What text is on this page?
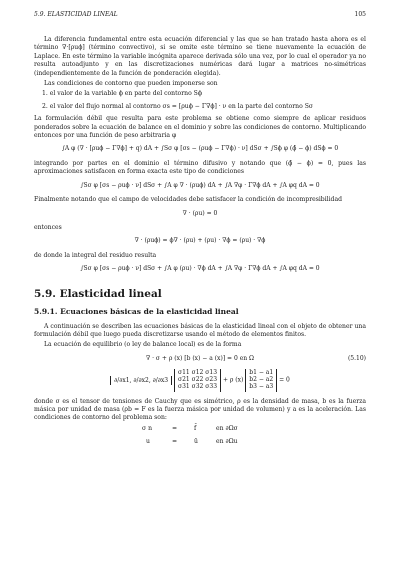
5.9. ELASTICIDAD LINEAL	105

La diferencia fundamental entre esta ecuación diferencial y las que se han tratado hasta ahora es el término ∇·[ρuϕ] (término convectivo), si se omite este término se tiene nuevamente la ecuación de Laplace. En este término la variable incógnita aparece derivada sólo una vez, por lo cual el operador ya no resulta autoadjunto y en las discretizaciones numéricas dará lugar a matrices no-simétricas (independientemente de la función de ponderación elegida).

Las condiciones de contorno que pueden imponerse son

1. el valor de la variable ϕ en parte del contorno Sϕ

2. el valor del flujo normal al contorno σs = [ρuϕ − Γ∇ϕ] · ν en la parte del contorno Sσ

La formulación débil que resulta para este problema se obtiene como siempre de aplicar residuos ponderados sobre la ecuación de balance en el dominio y sobre las condiciones de contorno. Multiplicando entonces por una función de peso arbitraria φ

∫A φ (∇ · [ρuϕ − Γ∇ϕ] + q) dA + ∫Sσ φ [σs − (ρuϕ − Γ∇ϕ) · ν] dSσ + ∫Sϕ φ (ϕ̄ − ϕ) dSϕ = 0

integrando por partes en el dominio el término difusivo y notando que (ϕ̄ − ϕ) = 0, pues las aproximaciones satisfacen en forma exacta este tipo de condiciones

∫Sσ φ [σs − ρuϕ · ν] dSσ + ∫A φ ∇ · (ρuϕ) dA + ∫A ∇φ · Γ∇ϕ dA + ∫A φq dA = 0

Finalmente notando que el campo de velocidades debe satisfacer la condición de incompresibilidad

∇ · (ρu) = 0

entonces

∇ · (ρuϕ) = ϕ∇ · (ρu) + (ρu) · ∇ϕ = (ρu) · ∇ϕ

de donde la integral del residuo resulta

∫Sσ φ [σs − ρuϕ · ν] dSσ + ∫A φ (ρu) · ∇ϕ dA + ∫A ∇φ · Γ∇ϕ dA + ∫A φq dA = 0
5.9. Elasticidad lineal
5.9.1. Ecuaciones básicas de la elasticidad lineal

A continuación se describen las ecuaciones básicas de la elasticidad lineal con el objeto de obtener una formulación débil que luego pueda discretizarse usando el método de elementos finitos.

La ecuación de equilibrio (o ley de balance local) es de la forma

∇ · σ + ρ (x) [b (x) − a (x)] = 0 en Ω	(5.10)
∂/∂x1, ∂/∂x2, ∂/∂x3 σ11 σ12 σ13
σ21 σ22 σ23
σ31 σ32 σ33 + ρ (x) b1 − a1
b2 − a2
b3 − a3 = 0

donde σ es el tensor de tensiones de Cauchy que es simétrico, ρ es la densidad de masa, b es la fuerza másica por unidad de masa (ρb = F es la fuerza másica por unidad de volumen) y a es la aceleración. Las condiciones de contorno del problema son:

σ n	=	f̄	en ∂Ωσ
u	=	ū	en ∂Ωu
